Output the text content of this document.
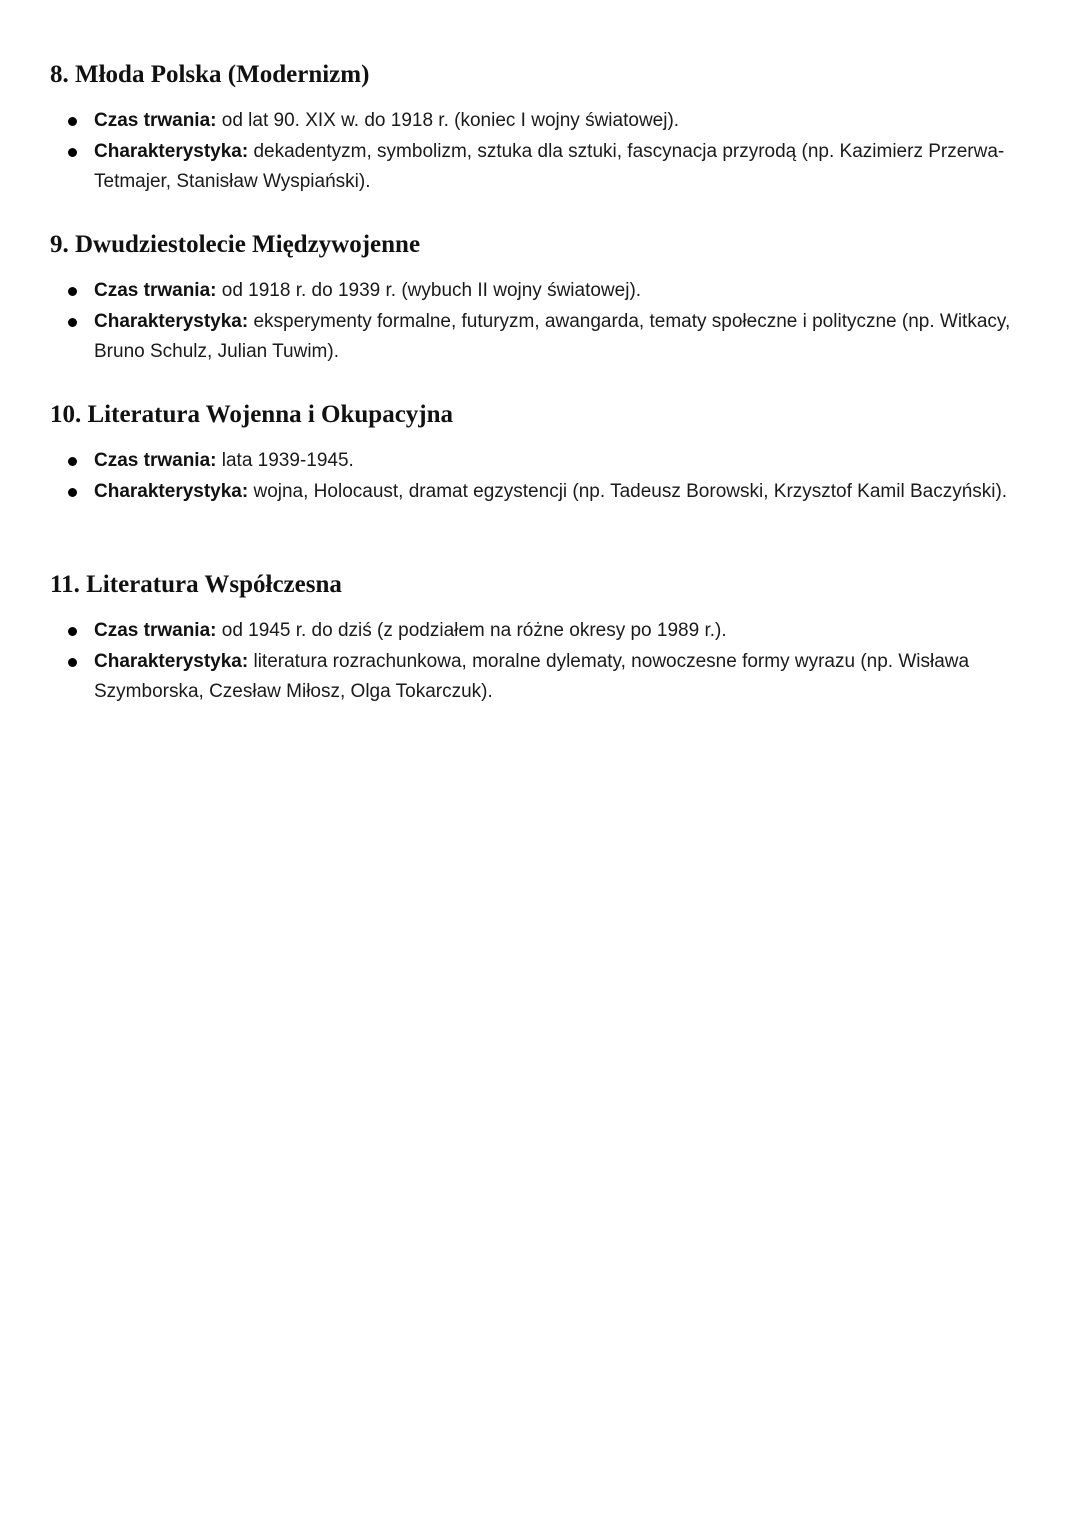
8. Młoda Polska (Modernizm)
Czas trwania: od lat 90. XIX w. do 1918 r. (koniec I wojny światowej).
Charakterystyka: dekadentyzm, symbolizm, sztuka dla sztuki, fascynacja przyrodą (np. Kazimierz Przerwa-Tetmajer, Stanisław Wyspiański).
9. Dwudziestolecie Międzywojenne
Czas trwania: od 1918 r. do 1939 r. (wybuch II wojny światowej).
Charakterystyka: eksperymenty formalne, futuryzm, awangarda, tematy społeczne i polityczne (np. Witkacy, Bruno Schulz, Julian Tuwim).
10. Literatura Wojenna i Okupacyjna
Czas trwania: lata 1939-1945.
Charakterystyka: wojna, Holocaust, dramat egzystencji (np. Tadeusz Borowski, Krzysztof Kamil Baczyński).
11. Literatura Współczesna
Czas trwania: od 1945 r. do dziś (z podziałem na różne okresy po 1989 r.).
Charakterystyka: literatura rozrachunkowa, moralne dylematy, nowoczesne formy wyrazu (np. Wisława Szymborska, Czesław Miłosz, Olga Tokarczuk).
